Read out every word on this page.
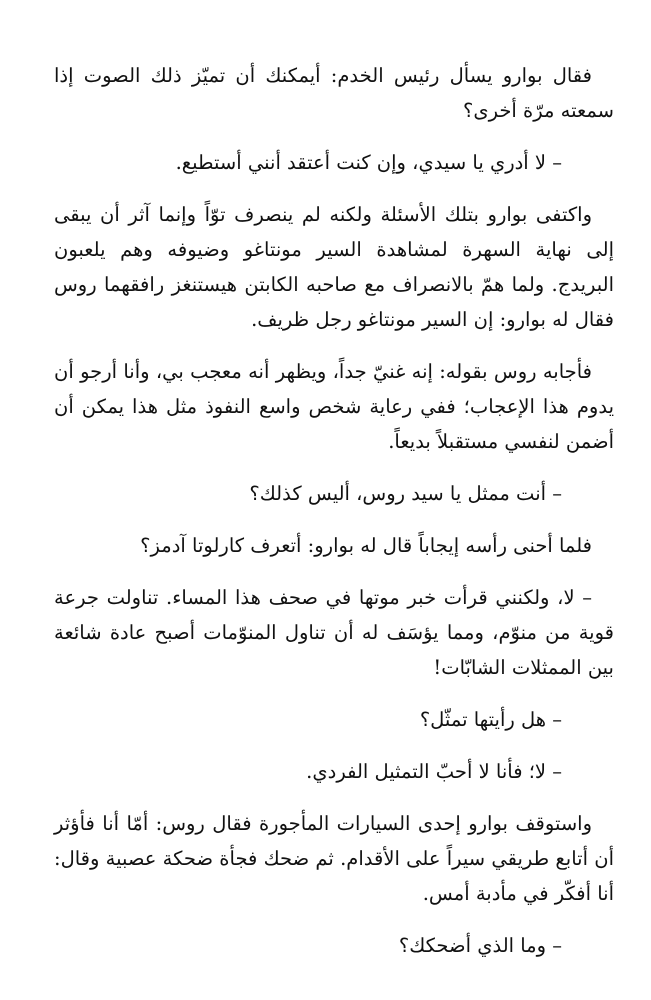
فقال بوارو يسأل رئيس الخدم: أيمكنك أن تميّز ذلك الصوت إذا سمعته مرّة أخرى؟

– لا أدري يا سيدي، وإن كنت أعتقد أنني أستطيع.

واكتفى بوارو بتلك الأسئلة ولكنه لم ينصرف توّاً وإنما آثر أن يبقى إلى نهاية السهرة لمشاهدة السير مونتاغو وضيوفه وهم يلعبون البريدج. ولما همّ بالانصراف مع صاحبه الكابتن هيستنغز رافقهما روس فقال له بوارو: إن السير مونتاغو رجل ظريف.

فأجابه روس بقوله: إنه غنيّ جداً، ويظهر أنه معجب بي، وأنا أرجو أن يدوم هذا الإعجاب؛ ففي رعاية شخص واسع النفوذ مثل هذا يمكن أن أضمن لنفسي مستقبلاً بديعاً.

– أنت ممثل يا سيد روس، أليس كذلك؟

فلما أحنى رأسه إيجاباً قال له بوارو: أتعرف كارلوتا آدمز؟

– لا، ولكنني قرأت خبر موتها في صحف هذا المساء. تناولت جرعة قوية من منوّم، ومما يؤسَف له أن تناول المنوّمات أصبح عادة شائعة بين الممثلات الشابّات!

– هل رأيتها تمثّل؟

– لا؛ فأنا لا أحبّ التمثيل الفردي.

واستوقف بوارو إحدى السيارات المأجورة فقال روس: أمّا أنا فأؤثر أن أتابع طريقي سيراً على الأقدام. ثم ضحك فجأة ضحكة عصبية وقال: أنا أفكّر في مأدبة أمس.

– وما الذي أضحكك؟
